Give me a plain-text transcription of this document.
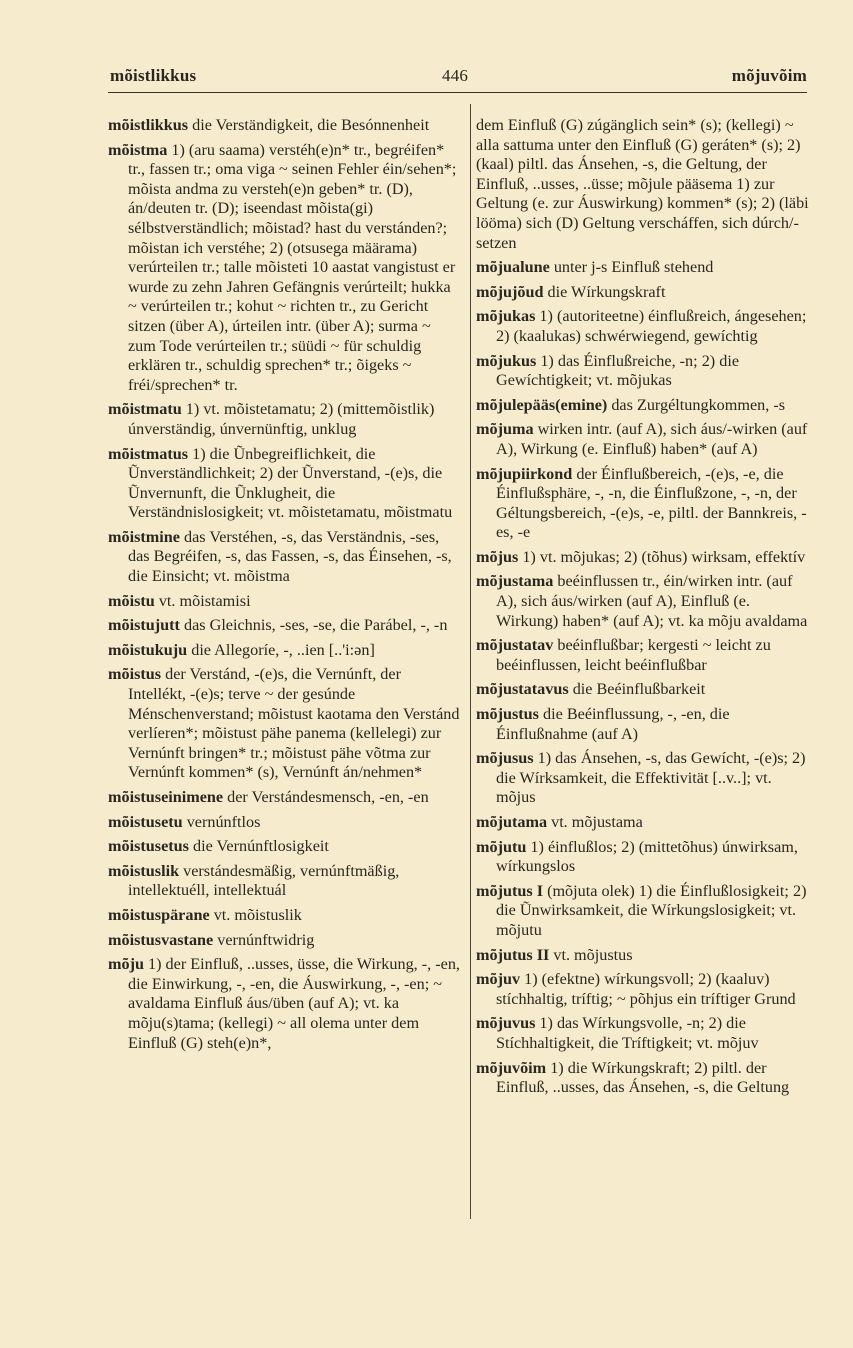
mõistlikkus	446	mõjuvõim

mõistlikkus die Verständigkeit, die Besónnenheit

mõistma 1) (aru saama) verstéh(e)n* tr., begréifen* tr., fassen tr.; oma viga ~ seinen Fehler éin/sehen*; mõista andma zu versteh(e)n geben* tr. (D), án/deuten tr. (D); iseendast mõista(gi) sélbstverständlich; mõistad? hast du verstánden?; mõistan ich verstéhe; 2) (otsusega määrama) verúrteilen tr.; talle mõisteti 10 aastat vangistust er wurde zu zehn Jahren Gefängnis verúrteilt; hukka ~ verúrteilen tr.; kohut ~ richten tr., zu Gericht sitzen (über A), úrteilen intr. (über A); surma ~ zum Tode verúrteilen tr.; süüdi ~ für schuldig erklären tr., schuldig sprechen* tr.; õigeks ~ fréi/sprechen* tr.

mõistmatu 1) vt. mõistetamatu; 2) (mittemõistlik) únverständig, únvernünftig, unklug

mõistmatus 1) die Ũnbegreiflichkeit, die Ũnverständlichkeit; 2) der Ũnverstand, -(e)s, die Ũnvernunft, die Ũnklugheit, die Verständnislosigkeit; vt. mõistetamatu, mõistmatu

mõistmine das Verstéhen, -s, das Verständnis, -ses, das Begréifen, -s, das Fassen, -s, das Éinsehen, -s, die Einsicht; vt. mõistma

mõistu vt. mõistamisi

mõistujutt das Gleichnis, -ses, -se, die Parábel, -, -n

mõistukuju die Allegoríe, -, ..ien [..'i:ən]

mõistus der Verstánd, -(e)s, die Vernúnft, der Intellékt, -(e)s; terve ~ der gesúnde Ménschenverstand; mõistust kaotama den Verstánd verlíeren*; mõistust pähe panema (kellelegi) zur Vernúnft bringen* tr.; mõistust pähe võtma zur Vernúnft kommen* (s), Vernúnft án/nehmen*

mõistuseinimene der Verstándesmensch, -en, -en

mõistusetu vernúnftlos

mõistusetus die Vernúnftlosigkeit

mõistuslik verstándesmäßig, vernúnftmäßig, intellektuéll, intellektuál

mõistuspärane vt. mõistuslik

mõistusvastane vernúnftwidrig

mõju 1) der Einfluß, ..usses, üsse, die Wirkung, -, -en, die Einwirkung, -, -en, die Áuswirkung, -, -en; ~ avaldama Einfluß áus/üben (auf A); vt. ka mõju(s)tama; (kellegi) ~ all olema unter dem Einfluß (G) steh(e)n*,

dem Einfluß (G) zúgänglich sein* (s); (kellegi) ~ alla sattuma unter den Einfluß (G) geráten* (s); 2) (kaal) piltl. das Ánsehen, -s, die Geltung, der Einfluß, ..usses, ..üsse; mõjule pääsema 1) zur Geltung (e. zur Áuswirkung) kommen* (s); 2) (läbi lööma) sich (D) Geltung verscháffen, sich dúrch/-setzen

mõjualune unter j-s Einfluß stehend

mõjujõud die Wírkungskraft

mõjukas 1) (autoriteetne) éinflußreich, ángesehen; 2) (kaalukas) schwérwiegend, gewíchtig

mõjukus 1) das Éinflußreiche, -n; 2) die Gewíchtigkeit; vt. mõjukas

mõjulepääs(emine) das Zurgéltungkommen, -s

mõjuma wirken intr. (auf A), sich áus/-wirken (auf A), Wirkung (e. Einfluß) haben* (auf A)

mõjupiirkond der Éinflußbereich, -(e)s, -e, die Éinflußsphäre, -, -n, die Éinflußzone, -, -n, der Géltungsbereich, -(e)s, -e, piltl. der Bannkreis, -es, -e

mõjus 1) vt. mõjukas; 2) (tõhus) wirksam, effektív

mõjustama beéinflussen tr., éin/wirken intr. (auf A), sich áus/wirken (auf A), Einfluß (e. Wirkung) haben* (auf A); vt. ka mõju avaldama

mõjustatav beéinflußbar; kergesti ~ leicht zu beéinflussen, leicht beéinflußbar

mõjustatavus die Beéinflußbarkeit

mõjustus die Beéinflussung, -, -en, die Éinflußnahme (auf A)

mõjusus 1) das Ánsehen, -s, das Gewícht, -(e)s; 2) die Wírksamkeit, die Effektivität [..v..]; vt. mõjus

mõjutama vt. mõjustama

mõjutu 1) éinflußlos; 2) (mittetõhus) únwirksam, wírkungslos

mõjutus I (mõjuta olek) 1) die Éinflußlosigkeit; 2) die Ũnwirksamkeit, die Wírkungslosigkeit; vt. mõjutu

mõjutus II vt. mõjustus

mõjuv 1) (efektne) wírkungsvoll; 2) (kaaluv) stíchhaltig, tríftig; ~ põhjus ein tríftiger Grund

mõjuvus 1) das Wírkungsvolle, -n; 2) die Stíchhaltigkeit, die Tríftigkeit; vt. mõjuv

mõjuvõim 1) die Wírkungskraft; 2) piltl. der Einfluß, ..usses, das Ánsehen, -s, die Geltung
